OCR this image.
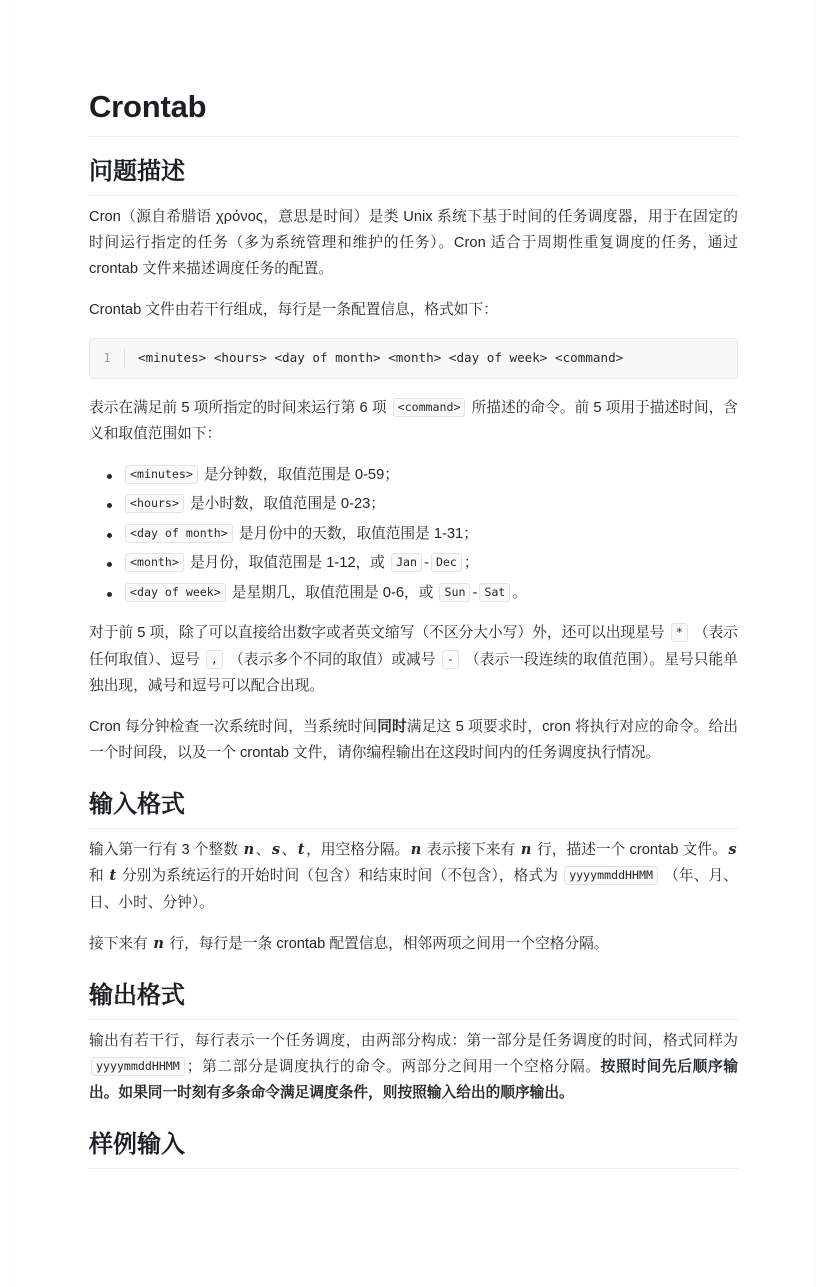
Crontab
问题描述

Cron（源自希腊语 χρόνος，意思是时间）是类 Unix 系统下基于时间的任务调度器，用于在固定的时间运行指定的任务（多为系统管理和维护的任务）。Cron 适合于周期性重复调度的任务，通过 crontab 文件来描述调度任务的配置。

Crontab 文件由若干行组成，每行是一条配置信息，格式如下：

1	<minutes> <hours> <day of month> <month> <day of week> <command>

表示在满足前 5 项所指定的时间来运行第 6 项 <command> 所描述的命令。前 5 项用于描述时间，含义和取值范围如下：

<minutes> 是分钟数，取值范围是 0-59；
<hours> 是小时数，取值范围是 0-23；
<day of month> 是月份中的天数，取值范围是 1-31；
<month> 是月份，取值范围是 1-12，或 Jan - Dec ；
<day of week> 是星期几，取值范围是 0-6，或 Sun - Sat 。

对于前 5 项，除了可以直接给出数字或者英文缩写（不区分大小写）外，还可以出现星号 * （表示任何取值）、逗号 , （表示多个不同的取值）或减号 - （表示一段连续的取值范围）。星号只能单独出现，减号和逗号可以配合出现。

Cron 每分钟检查一次系统时间，当系统时间同时满足这 5 项要求时，cron 将执行对应的命令。给出一个时间段，以及一个 crontab 文件，请你编程输出在这段时间内的任务调度执行情况。

输入格式

输入第一行有 3 个整数 n 、 s 、 t ，用空格分隔。 n 表示接下来有 n 行，描述一个 crontab 文件。 s 和 t 分别为系统运行的开始时间（包含）和结束时间（不包含），格式为 yyyymmddHHMM （年、月、日、小时、分钟）。

接下来有 n 行，每行是一条 crontab 配置信息，相邻两项之间用一个空格分隔。

输出格式

输出有若干行，每行表示一个任务调度，由两部分构成：第一部分是任务调度的时间，格式同样为 yyyymmddHHMM ；第二部分是调度执行的命令。两部分之间用一个空格分隔。按照时间先后顺序输出。如果同一时刻有多条命令满足调度条件，则按照输入给出的顺序输出。

样例输入
